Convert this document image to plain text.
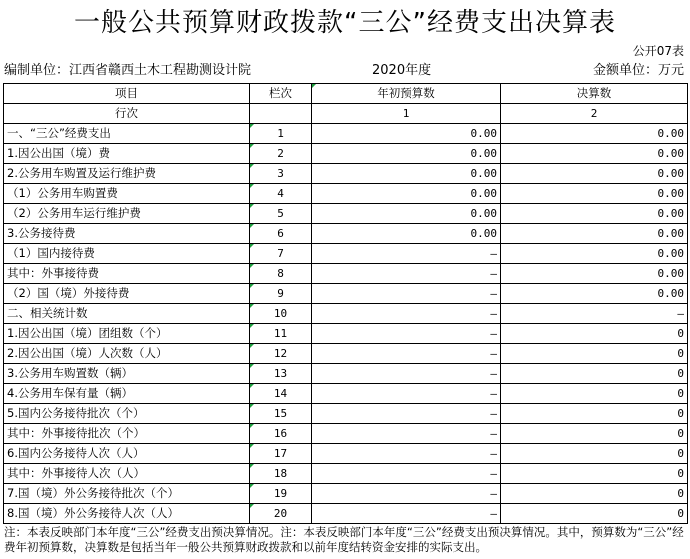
一般公共预算财政拨款“三公”经费支出决算表
公开07表
编制单位：江西省赣西土木工程勘测设计院	2020年度	金额单位：万元
项目	栏次	年初预算数	决算数
行次		1	2
一、“三公”经费支出	1	0.00	0.00
1.因公出国（境）费	2	0.00	0.00
2.公务用车购置及运行维护费	3	0.00	0.00
（1）公务用车购置费	4	0.00	0.00
（2）公务用车运行维护费	5	0.00	0.00
3.公务接待费	6	0.00	0.00
（1）国内接待费	7	–	0.00
其中：外事接待费	8	–	0.00
（2）国（境）外接待费	9	–	0.00
二、相关统计数	10	–	–
1.因公出国（境）团组数（个）	11	–	0
2.因公出国（境）人次数（人）	12	–	0
3.公务用车购置数（辆）	13	–	0
4.公务用车保有量（辆）	14	–	0
5.国内公务接待批次（个）	15	–	0
其中：外事接待批次（个）	16	–	0
6.国内公务接待人次（人）	17	–	0
其中：外事接待人次（人）	18	–	0
7.国（境）外公务接待批次（个）	19	–	0
8.国（境）外公务接待人次（人）	20	–	0
注：本表反映部门本年度“三公”经费支出预决算情况。注：本表反映部门本年度“三公”经费支出预决算情况。其中，预算数为“三公”经费年初预算数，决算数是包括当年一般公共预算财政拨款和以前年度结转资金安排的实际支出。
